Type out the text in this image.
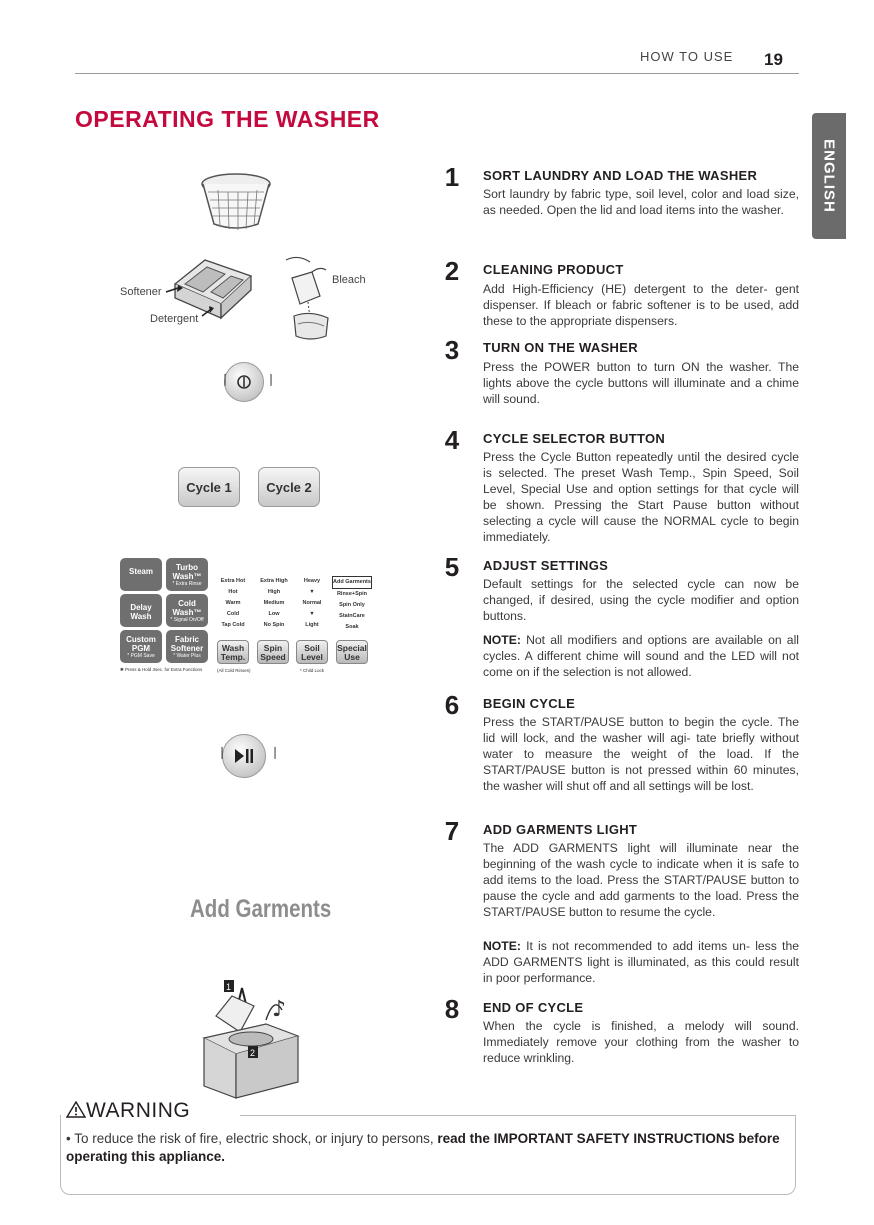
HOW TO USE 19
OPERATING THE WASHER
ENGLISH
1	SORT LAUNDRY AND LOAD THE WASHER
Sort laundry by fabric type, soil level, color and load size, as needed. Open the lid and load items into the washer.
2	CLEANING PRODUCT
Add High-Efficiency (HE) detergent to the deter- gent dispenser. If bleach or fabric softener is to be used, add these to the appropriate dispensers.
3	TURN ON THE WASHER
Press the POWER button to turn ON the washer. The lights above the cycle buttons will illuminate and a chime will sound.
4	CYCLE SELECTOR BUTTON
Press the Cycle Button repeatedly until the desired cycle is selected. The preset Wash Temp., Spin Speed, Soil Level, Special Use and option settings for that cycle will be shown. Pressing the Start Pause button without selecting a cycle will cause the NORMAL cycle to begin immediately.
5	ADJUST SETTINGS
Default settings for the selected cycle can now be changed, if desired, using the cycle modifier and option buttons.
NOTE: Not all modifiers and options are available on all cycles. A different chime will sound and the LED will not come on if the selection is not allowed.
6	BEGIN CYCLE
Press the START/PAUSE button to begin the cycle. The lid will lock, and the washer will agi- tate briefly without water to measure the weight of the load. If the START/PAUSE button is not pressed within 60 minutes, the washer will shut off and all settings will be lost.
7	ADD GARMENTS LIGHT
The ADD GARMENTS light will illuminate near the beginning of the wash cycle to indicate when it is safe to add items to the load. Press the START/PAUSE button to pause the cycle and add garments to the load. Press the START/PAUSE button to resume the cycle.
NOTE: It is not recommended to add items un- less the ADD GARMENTS light is illuminated, as this could result in poor performance.
8	END OF CYCLE
When the cycle is finished, a melody will sound. Immediately remove your clothing from the washer to reduce wrinkling.
Softener
Detergent
Bleach
❘	❘
Cycle 1	Cycle 2
Steam	Turbo Wash™
* Extra Rinse
Delay Wash
Cold Wash™
* Signal On/Off
Custom PGM
* PGM Save
Fabric Softener
* Water Plus
✱ Press & Hold 3sec. for Extra Functions
Extra Hot
Hot
Warm
Cold
Tap Cold
Extra High
High
Medium
Low
No Spin
Heavy
▼
Normal
▼
Light
Add Garments
Rinse+Spin
Spin Only
StainCare
Soak
Wash Temp.
Spin Speed
Soil Level
Special Use
(All Cold Rinses)	* Child Lock
❘	❘
Add Garments
1
2
♪
WARNING
• To reduce the risk of fire, electric shock, or injury to persons, read the IMPORTANT SAFETY INSTRUCTIONS before operating this appliance.
